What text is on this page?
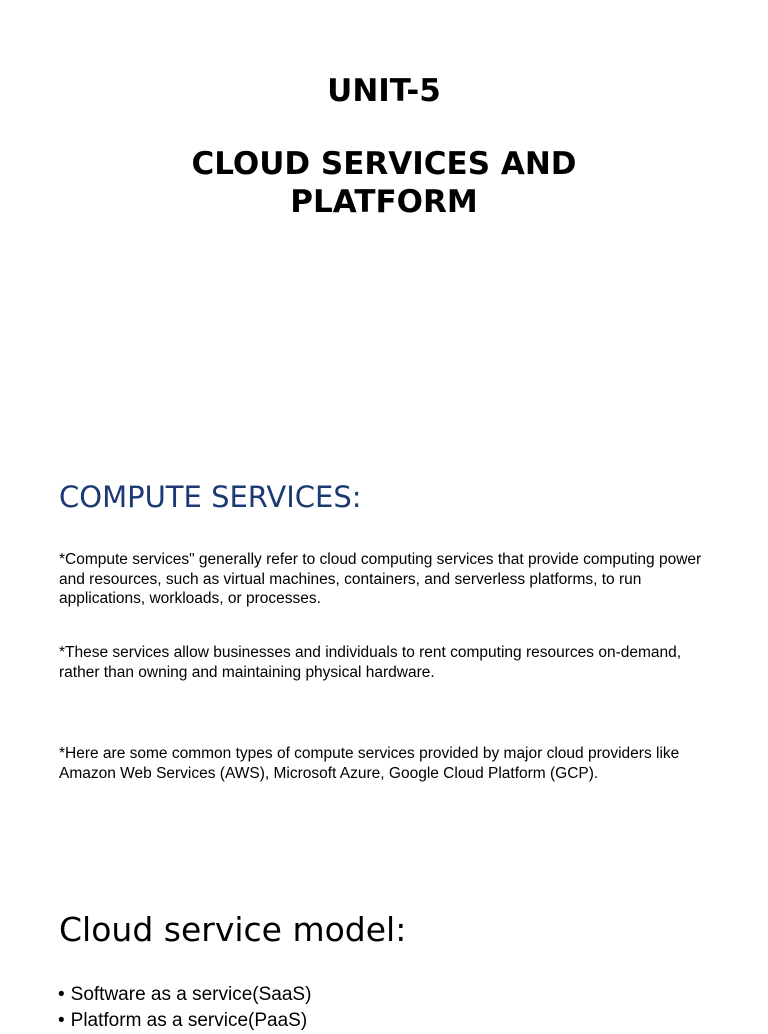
UNIT-5
CLOUD SERVICES AND
PLATFORM
COMPUTE SERVICES:

*Compute services" generally refer to cloud computing services that provide computing power and resources, such as virtual machines, containers, and serverless platforms, to run applications, workloads, or processes.

*These services allow businesses and individuals to rent computing resources on-demand, rather than owning and maintaining physical hardware.

*Here are some common types of compute services provided by major cloud providers like Amazon Web Services (AWS), Microsoft Azure, Google Cloud Platform (GCP).

Cloud service model:
• Software as a service(SaaS)
• Platform as a service(PaaS)
